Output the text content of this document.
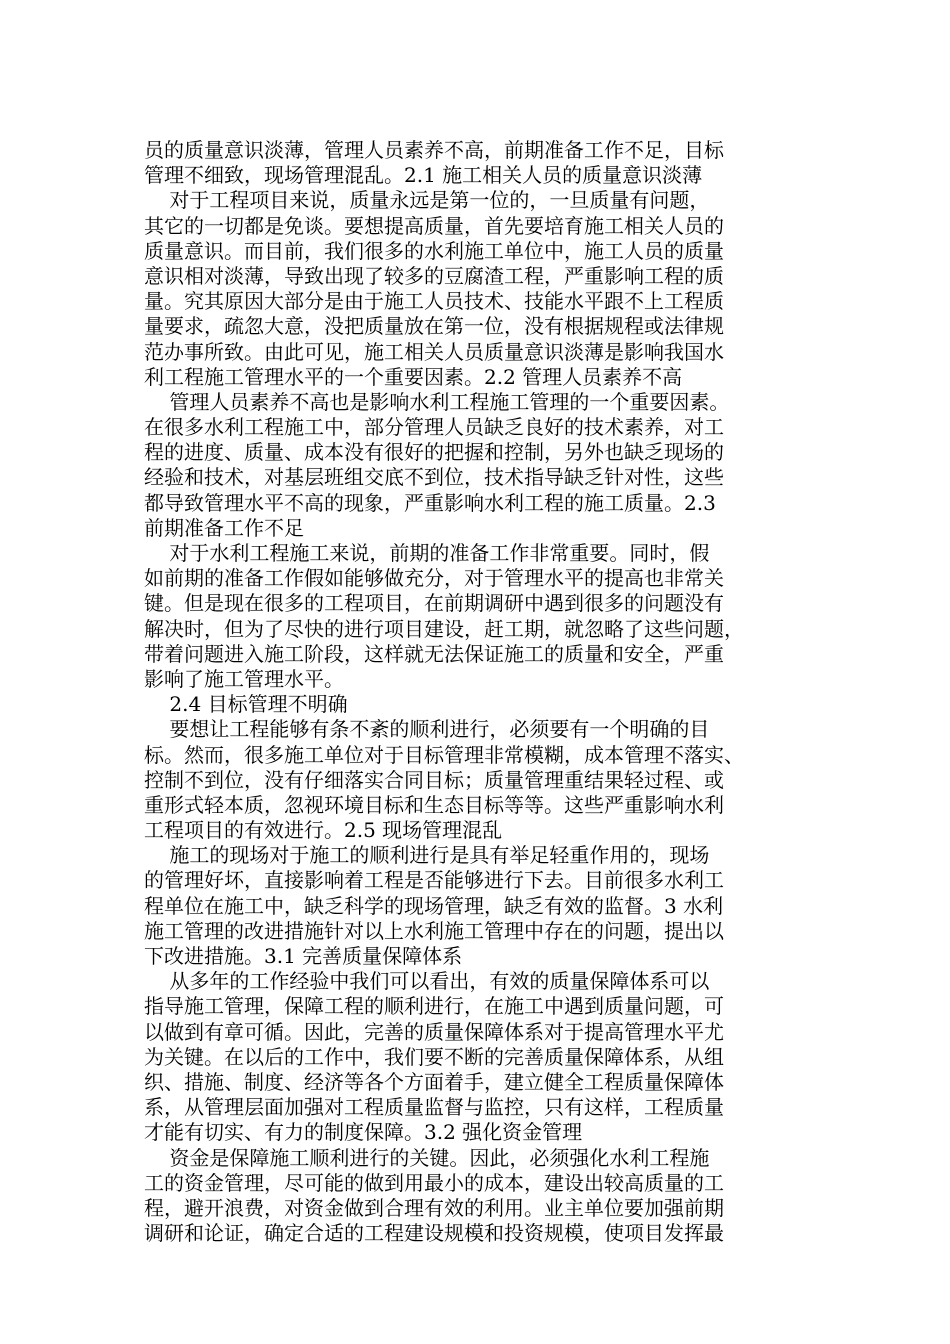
员的质量意识淡薄，管理人员素养不高，前期准备工作不足，目标
管理不细致，现场管理混乱。2.1 施工相关人员的质量意识淡薄
对于工程项目来说，质量永远是第一位的，一旦质量有问题，
其它的一切都是免谈。要想提高质量，首先要培育施工相关人员的
质量意识。而目前，我们很多的水利施工单位中，施工人员的质量
意识相对淡薄，导致出现了较多的豆腐渣工程，严重影响工程的质
量。究其原因大部分是由于施工人员技术、技能水平跟不上工程质
量要求，疏忽大意，没把质量放在第一位，没有根据规程或法律规
范办事所致。由此可见，施工相关人员质量意识淡薄是影响我国水
利工程施工管理水平的一个重要因素。2.2 管理人员素养不高
管理人员素养不高也是影响水利工程施工管理的一个重要因素。
在很多水利工程施工中，部分管理人员缺乏良好的技术素养，对工
程的进度、质量、成本没有很好的把握和控制，另外也缺乏现场的
经验和技术，对基层班组交底不到位，技术指导缺乏针对性，这些
都导致管理水平不高的现象，严重影响水利工程的施工质量。2.3
前期准备工作不足
对于水利工程施工来说，前期的准备工作非常重要。同时，假
如前期的准备工作假如能够做充分，对于管理水平的提高也非常关
键。但是现在很多的工程项目，在前期调研中遇到很多的问题没有
解决时，但为了尽快的进行项目建设，赶工期，就忽略了这些问题，
带着问题进入施工阶段，这样就无法保证施工的质量和安全，严重
影响了施工管理水平。
2.4 目标管理不明确
要想让工程能够有条不紊的顺利进行，必须要有一个明确的目
标。然而，很多施工单位对于目标管理非常模糊，成本管理不落实、
控制不到位，没有仔细落实合同目标；质量管理重结果轻过程、或
重形式轻本质，忽视环境目标和生态目标等等。这些严重影响水利
工程项目的有效进行。2.5 现场管理混乱
施工的现场对于施工的顺利进行是具有举足轻重作用的，现场
的管理好坏，直接影响着工程是否能够进行下去。目前很多水利工
程单位在施工中，缺乏科学的现场管理，缺乏有效的监督。3 水利
施工管理的改进措施针对以上水利施工管理中存在的问题，提出以
下改进措施。3.1 完善质量保障体系
从多年的工作经验中我们可以看出，有效的质量保障体系可以
指导施工管理，保障工程的顺利进行，在施工中遇到质量问题，可
以做到有章可循。因此，完善的质量保障体系对于提高管理水平尤
为关键。在以后的工作中，我们要不断的完善质量保障体系，从组
织、措施、制度、经济等各个方面着手，建立健全工程质量保障体
系，从管理层面加强对工程质量监督与监控，只有这样，工程质量
才能有切实、有力的制度保障。3.2 强化资金管理
资金是保障施工顺利进行的关键。因此，必须强化水利工程施
工的资金管理，尽可能的做到用最小的成本，建设出较高质量的工
程，避开浪费，对资金做到合理有效的利用。业主单位要加强前期
调研和论证，确定合适的工程建设规模和投资规模，使项目发挥最
